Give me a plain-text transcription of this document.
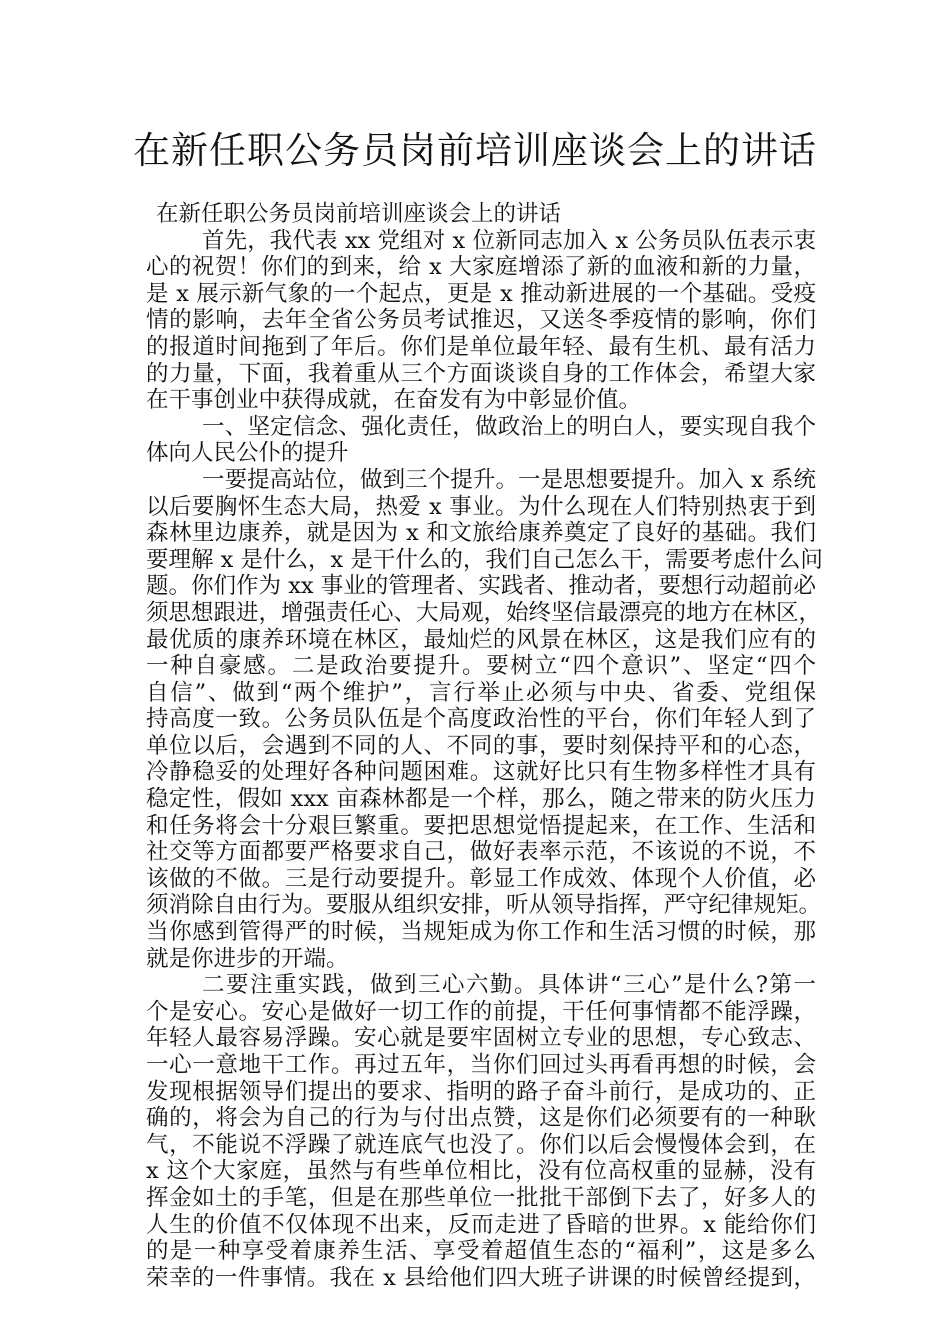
在新任职公务员岗前培训座谈会上的讲话
在新任职公务员岗前培训座谈会上的讲话
首先，我代表 xx 党组对 x 位新同志加入 x 公务员队伍表示衷
心的祝贺！你们的到来，给 x 大家庭增添了新的血液和新的力量，
是 x 展示新气象的一个起点，更是 x 推动新进展的一个基础。受疫
情的影响，去年全省公务员考试推迟，又送冬季疫情的影响，你们
的报道时间拖到了年后。你们是单位最年轻、最有生机、最有活力
的力量，下面，我着重从三个方面谈谈自身的工作体会，希望大家
在干事创业中获得成就，在奋发有为中彰显价值。
一、坚定信念、强化责任，做政治上的明白人，要实现自我个
体向人民公仆的提升
一要提高站位，做到三个提升。一是思想要提升。加入 x 系统
以后要胸怀生态大局，热爱 x 事业。为什么现在人们特别热衷于到
森林里边康养，就是因为 x 和文旅给康养奠定了良好的基础。我们
要理解 x 是什么，x 是干什么的，我们自己怎么干，需要考虑什么问
题。你们作为 xx 事业的管理者、实践者、推动者，要想行动超前必
须思想跟进，增强责任心、大局观，始终坚信最漂亮的地方在林区，
最优质的康养环境在林区，最灿烂的风景在林区，这是我们应有的
一种自豪感。二是政治要提升。要树立“四个意识”、坚定“四个
自信”、做到“两个维护”，言行举止必须与中央、省委、党组保
持高度一致。公务员队伍是个高度政治性的平台，你们年轻人到了
单位以后，会遇到不同的人、不同的事，要时刻保持平和的心态，
冷静稳妥的处理好各种问题困难。这就好比只有生物多样性才具有
稳定性，假如 xxx 亩森林都是一个样，那么，随之带来的防火压力
和任务将会十分艰巨繁重。要把思想觉悟提起来，在工作、生活和
社交等方面都要严格要求自己，做好表率示范，不该说的不说，不
该做的不做。三是行动要提升。彰显工作成效、体现个人价值，必
须消除自由行为。要服从组织安排，听从领导指挥，严守纪律规矩。
当你感到管得严的时候，当规矩成为你工作和生活习惯的时候，那
就是你进步的开端。
二要注重实践，做到三心六勤。具体讲“三心”是什么?第一
个是安心。安心是做好一切工作的前提，干任何事情都不能浮躁，
年轻人最容易浮躁。安心就是要牢固树立专业的思想，专心致志、
一心一意地干工作。再过五年，当你们回过头再看再想的时候，会
发现根据领导们提出的要求、指明的路子奋斗前行，是成功的、正
确的，将会为自己的行为与付出点赞，这是你们必须要有的一种耿
气，不能说不浮躁了就连底气也没了。你们以后会慢慢体会到，在
x 这个大家庭，虽然与有些单位相比，没有位高权重的显赫，没有
挥金如土的手笔，但是在那些单位一批批干部倒下去了，好多人的
人生的价值不仅体现不出来，反而走进了昏暗的世界。x 能给你们
的是一种享受着康养生活、享受着超值生态的“福利”，这是多么
荣幸的一件事情。我在 x 县给他们四大班子讲课的时候曾经提到，
